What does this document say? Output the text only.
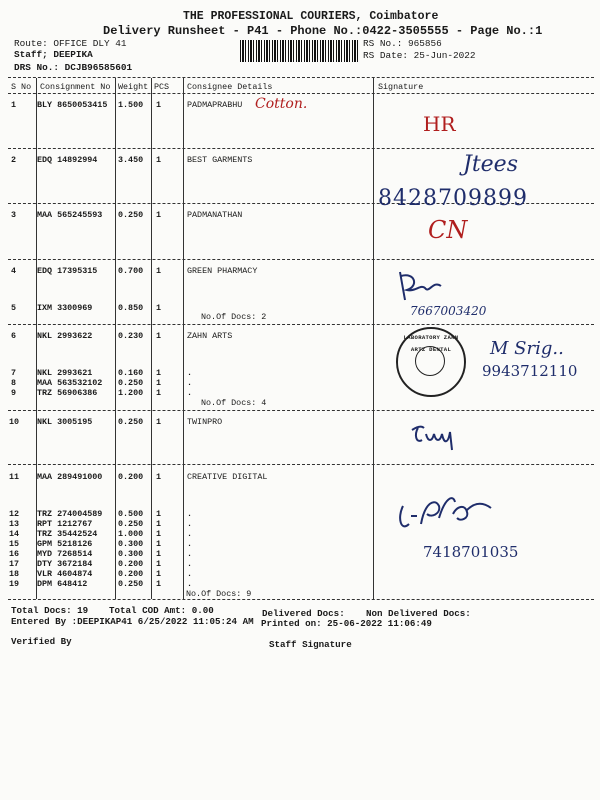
THE PROFESSIONAL COURIERS, Coimbatore
Delivery Runsheet - P41 - Phone No.:0422-3505555 - Page No.:1
Route: OFFICE DLY 41
Staff; DEEPIKA
DRS No.: DCJB96585601
RS No.: 965856
RS Date: 25-Jun-2022
S No Consignment No Weight PCS Consignee Details	Signature
1 BLY 8650053415 1.500 1	PADMAPRABHU
2 EDQ 14892994 3.450 1	BEST GARMENTS
3 MAA 565245593 0.250 1	PADMANATHAN
4 EDQ 17395315 0.700 1	GREEN PHARMACY
5 IXM 3300969	0.850 1
No.Of Docs: 2
6 NKL 2993622	0.230 1	ZAHN ARTS
7 NKL 2993621	0.160 1	.
8 MAA 563532102 0.250 1	.
9 TRZ 56906386 1.200 1	.
No.Of Docs: 4
10 NKL 3005195	0.250 1	TWINPRO
11 MAA 289491000 0.200 1	CREATIVE DIGITAL
12 TRZ 274004589 0.500 1	.
13 RPT 1212767	0.250 1	.
14 TRZ 35442524 1.000 1	.
15 GPM 5218126	0.300 1	.
16 MYD 7268514	0.300 1	.
17 DTY 3672184	0.200 1	.
18 VLR 4604874	0.200 1	.
19 DPM 648412	0.250 1	.
No.Of Docs: 9
Cotton.
HR
Jtees
8428709899
CN
7667003420
LABORATORY ZAHN ARTZ DENTAL	M Srig..
9943712110
7418701035
Total Docs: 19 Total COD Amt: 0.00	Delivered Docs: Non Delivered Docs:
Entered By :DEEPIKAP41 6/25/2022 11:05:24 AM Printed on: 25-06-2022 11:06:49
Verified By	Staff Signature
